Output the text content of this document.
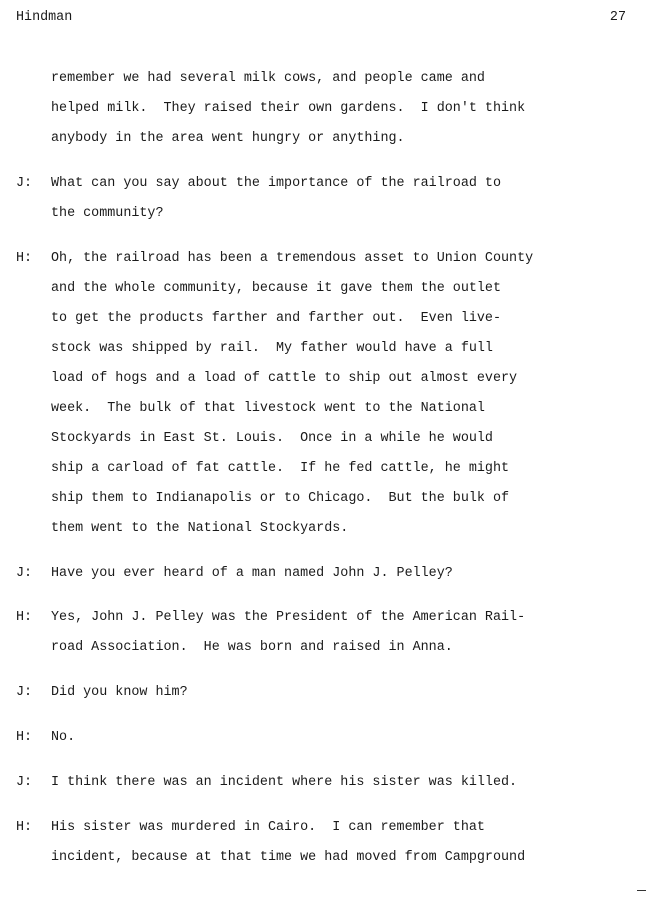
Hindman	27
remember we had several milk cows, and people came and
helped milk.  They raised their own gardens.  I don't think
anybody in the area went hungry or anything.
J: What can you say about the importance of the railroad to
the community?
H: Oh, the railroad has been a tremendous asset to Union County
and the whole community, because it gave them the outlet
to get the products farther and farther out.  Even live-
stock was shipped by rail.  My father would have a full
load of hogs and a load of cattle to ship out almost every
week.  The bulk of that livestock went to the National
Stockyards in East St. Louis.  Once in a while he would
ship a carload of fat cattle.  If he fed cattle, he might
ship them to Indianapolis or to Chicago.  But the bulk of
them went to the National Stockyards.
J: Have you ever heard of a man named John J. Pelley?
H: Yes, John J. Pelley was the President of the American Rail-
road Association.  He was born and raised in Anna.
J: Did you know him?
H: No.
J: I think there was an incident where his sister was killed.
H: His sister was murdered in Cairo.  I can remember that
incident, because at that time we had moved from Campground
